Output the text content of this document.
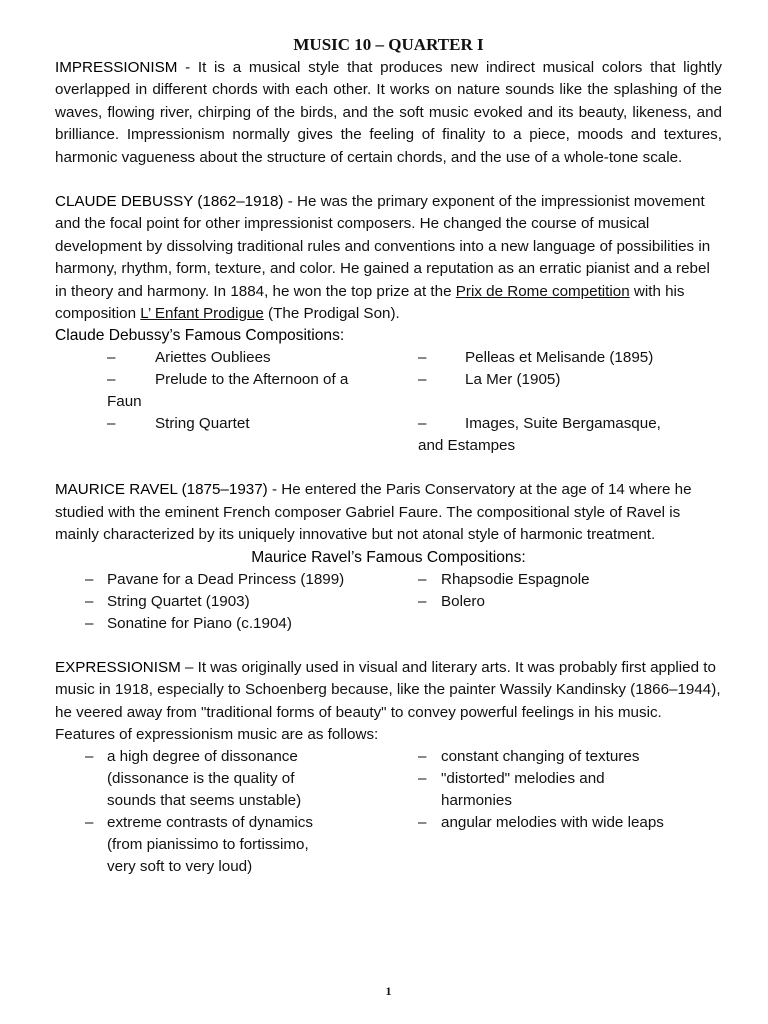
MUSIC 10 – QUARTER I

IMPRESSIONISM - It is a musical style that produces new indirect musical colors that lightly overlapped in different chords with each other. It works on nature sounds like the splashing of the waves, flowing river, chirping of the birds, and the soft music evoked and its beauty, likeness, and brilliance. Impressionism normally gives the feeling of finality to a piece, moods and textures, harmonic vagueness about the structure of certain chords, and the use of a whole-tone scale.

CLAUDE DEBUSSY (1862–1918) - He was the primary exponent of the impressionist movement and the focal point for other impressionist composers. He changed the course of musical development by dissolving traditional rules and conventions into a new language of possibilities in harmony, rhythm, form, texture, and color. He gained a reputation as an erratic pianist and a rebel in theory and harmony. In 1884, he won the top prize at the Prix de Rome competition with his composition L’ Enfant Prodigue (The Prodigal Son).

Claude Debussy’s Famous Compositions:
–	Ariettes Oubliees
–	Prelude to the Afternoon of a
Faun
–	String Quartet
–	Pelleas et Melisande (1895)
–	La Mer (1905)
–	Images, Suite Bergamasque,
and Estampes

MAURICE RAVEL (1875–1937) - He entered the Paris Conservatory at the age of 14 where he studied with the eminent French composer Gabriel Faure. The compositional style of Ravel is mainly characterized by its uniquely innovative but not atonal style of harmonic treatment.

Maurice Ravel’s Famous Compositions:
– Pavane for a Dead Princess (1899)
– String Quartet (1903)
– Sonatine for Piano (c.1904)
– Rhapsodie Espagnole
– Bolero

EXPRESSIONISM – It was originally used in visual and literary arts. It was probably first applied to music in 1918, especially to Schoenberg because, like the painter Wassily Kandinsky (1866–1944), he veered away from "traditional forms of beauty" to convey powerful feelings in his music. Features of expressionism music are as follows:

– a high degree of dissonance
(dissonance is the quality of
sounds that seems unstable)
– extreme contrasts of dynamics
(from pianissimo to fortissimo,
very soft to very loud)
– constant changing of textures
– "distorted" melodies and
harmonies
– angular melodies with wide leaps
1
